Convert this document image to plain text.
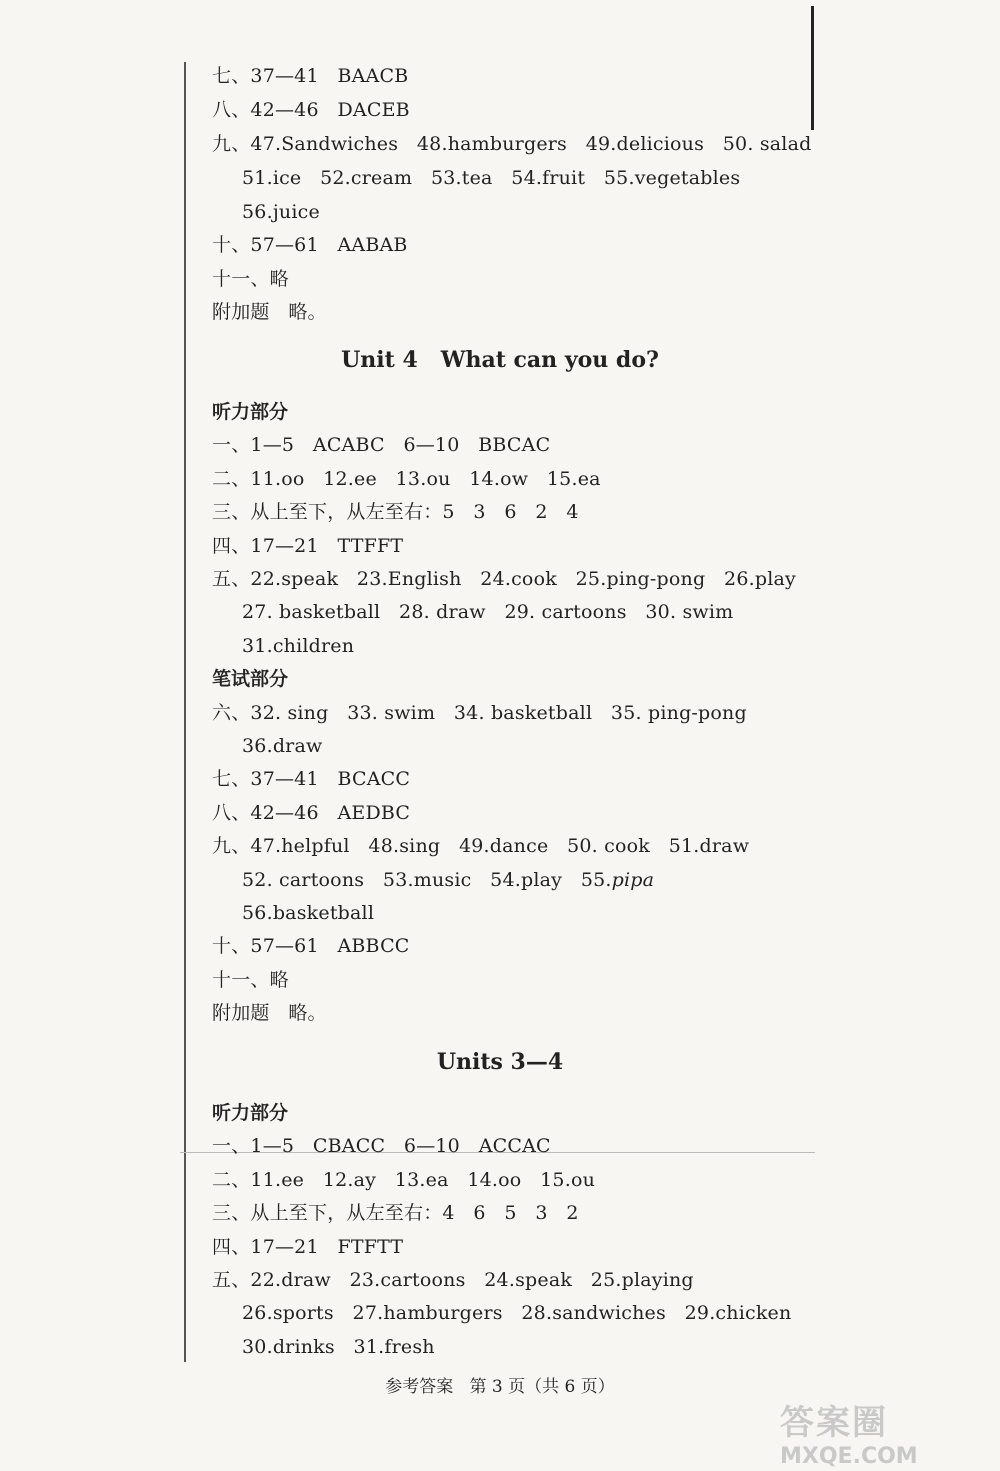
七、37—41   BAACB
八、42—46   DACEB
九、47.Sandwiches   48.hamburgers   49.delicious   50. salad
51.ice   52.cream   53.tea   54.fruit   55.vegetables
56.juice
十、57—61   AABAB
十一、略
附加题   略。
Unit 4   What can you do?
听力部分
一、1—5   ACABC   6—10   BBCAC
二、11.oo   12.ee   13.ou   14.ow   15.ea
三、从上至下，从左至右：5   3   6   2   4
四、17—21   TTFFT
五、22.speak   23.English   24.cook   25.ping-pong   26.play
27. basketball   28. draw   29. cartoons   30. swim
31.children
笔试部分
六、32. sing   33. swim   34. basketball   35. ping-pong
36.draw
七、37—41   BCACC
八、42—46   AEDBC
九、47.helpful   48.sing   49.dance   50. cook   51.draw
52. cartoons   53.music   54.play   55.pipa
56.basketball
十、57—61   ABBCC
十一、略
附加题   略。
Units 3—4
听力部分
一、1—5   CBACC   6—10   ACCAC
二、11.ee   12.ay   13.ea   14.oo   15.ou
三、从上至下，从左至右：4   6   5   3   2
四、17—21   FTFTT
五、22.draw   23.cartoons   24.speak   25.playing
26.sports   27.hamburgers   28.sandwiches   29.chicken
30.drinks   31.fresh
参考答案   第 3 页（共 6 页）
答案圈
MXQE.COM
